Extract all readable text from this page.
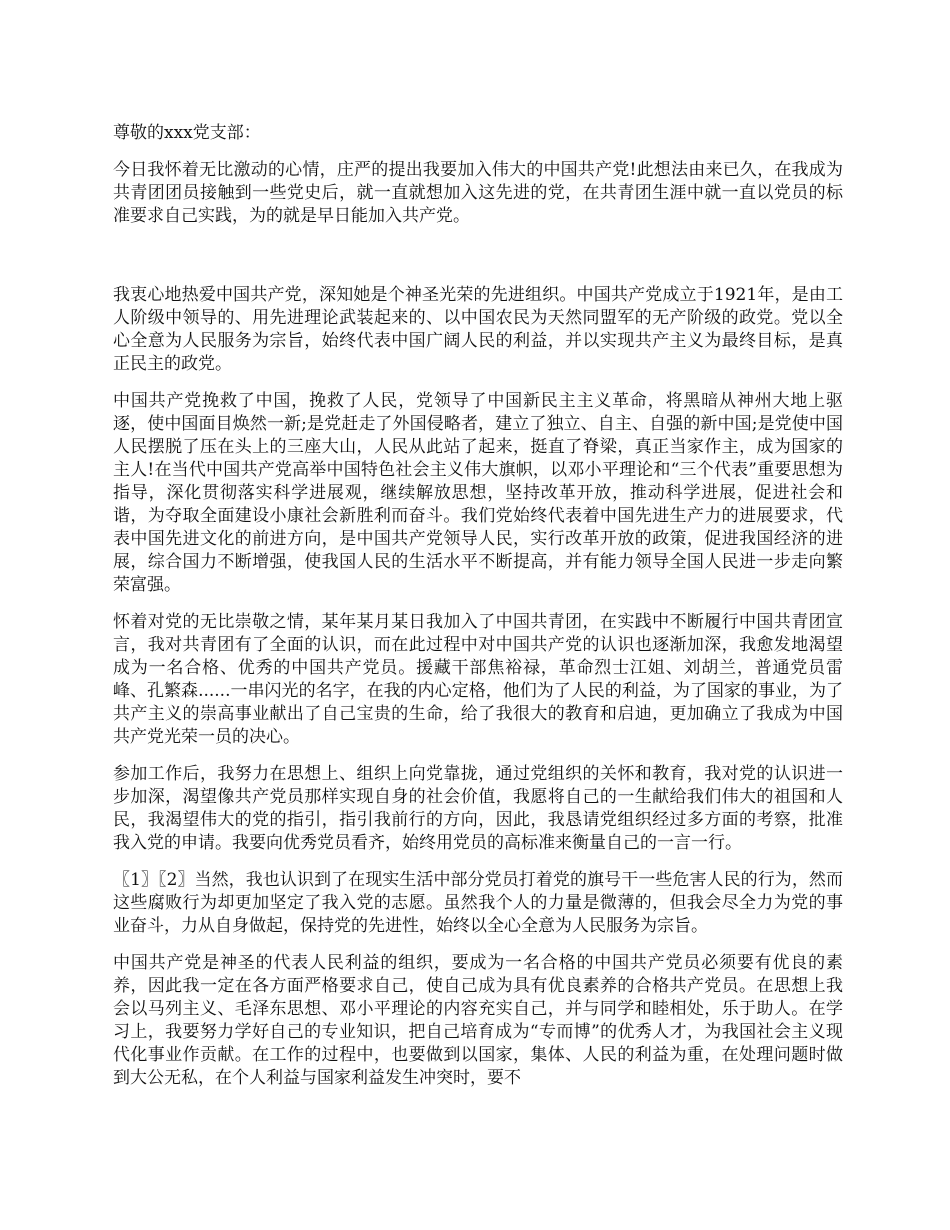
尊敬的xxx党支部：

今日我怀着无比激动的心情，庄严的提出我要加入伟大的中国共产党!此想法由来已久，在我成为共青团团员接触到一些党史后，就一直就想加入这先进的党，在共青团生涯中就一直以党员的标准要求自己实践，为的就是早日能加入共产党。

我衷心地热爱中国共产党，深知她是个神圣光荣的先进组织。中国共产党成立于1921年，是由工人阶级中领导的、用先进理论武装起来的、以中国农民为天然同盟军的无产阶级的政党。党以全心全意为人民服务为宗旨，始终代表中国广阔人民的利益，并以实现共产主义为最终目标，是真正民主的政党。

中国共产党挽救了中国，挽救了人民，党领导了中国新民主主义革命，将黑暗从神州大地上驱逐，使中国面目焕然一新;是党赶走了外国侵略者，建立了独立、自主、自强的新中国;是党使中国人民摆脱了压在头上的三座大山，人民从此站了起来，挺直了脊梁，真正当家作主，成为国家的主人!在当代中国共产党高举中国特色社会主义伟大旗帜，以邓小平理论和“三个代表”重要思想为指导，深化贯彻落实科学进展观，继续解放思想，坚持改革开放，推动科学进展，促进社会和谐，为夺取全面建设小康社会新胜利而奋斗。我们党始终代表着中国先进生产力的进展要求，代表中国先进文化的前进方向，是中国共产党领导人民，实行改革开放的政策，促进我国经济的进展，综合国力不断增强，使我国人民的生活水平不断提高，并有能力领导全国人民进一步走向繁荣富强。

怀着对党的无比崇敬之情，某年某月某日我加入了中国共青团，在实践中不断履行中国共青团宣言，我对共青团有了全面的认识，而在此过程中对中国共产党的认识也逐渐加深，我愈发地渴望成为一名合格、优秀的中国共产党员。援藏干部焦裕禄，革命烈士江姐、刘胡兰，普通党员雷峰、孔繁森......一串闪光的名字，在我的内心定格，他们为了人民的利益，为了国家的事业，为了共产主义的崇高事业献出了自己宝贵的生命，给了我很大的教育和启迪，更加确立了我成为中国共产党光荣一员的决心。

参加工作后，我努力在思想上、组织上向党靠拢，通过党组织的关怀和教育，我对党的认识进一步加深，渴望像共产党员那样实现自身的社会价值，我愿将自己的一生献给我们伟大的祖国和人民，我渴望伟大的党的指引，指引我前行的方向，因此，我恳请党组织经过多方面的考察，批准我入党的申请。我要向优秀党员看齐，始终用党员的高标准来衡量自己的一言一行。

〖1〗〖2〗当然，我也认识到了在现实生活中部分党员打着党的旗号干一些危害人民的行为，然而这些腐败行为却更加坚定了我入党的志愿。虽然我个人的力量是微薄的，但我会尽全力为党的事业奋斗，力从自身做起，保持党的先进性，始终以全心全意为人民服务为宗旨。

中国共产党是神圣的代表人民利益的组织，要成为一名合格的中国共产党员必须要有优良的素养，因此我一定在各方面严格要求自己，使自己成为具有优良素养的合格共产党员。在思想上我会以马列主义、毛泽东思想、邓小平理论的内容充实自己，并与同学和睦相处，乐于助人。在学习上，我要努力学好自己的专业知识，把自己培育成为“专而博”的优秀人才，为我国社会主义现代化事业作贡献。在工作的过程中，也要做到以国家，集体、人民的利益为重，在处理问题时做到大公无私，在个人利益与国家利益发生冲突时，要不
